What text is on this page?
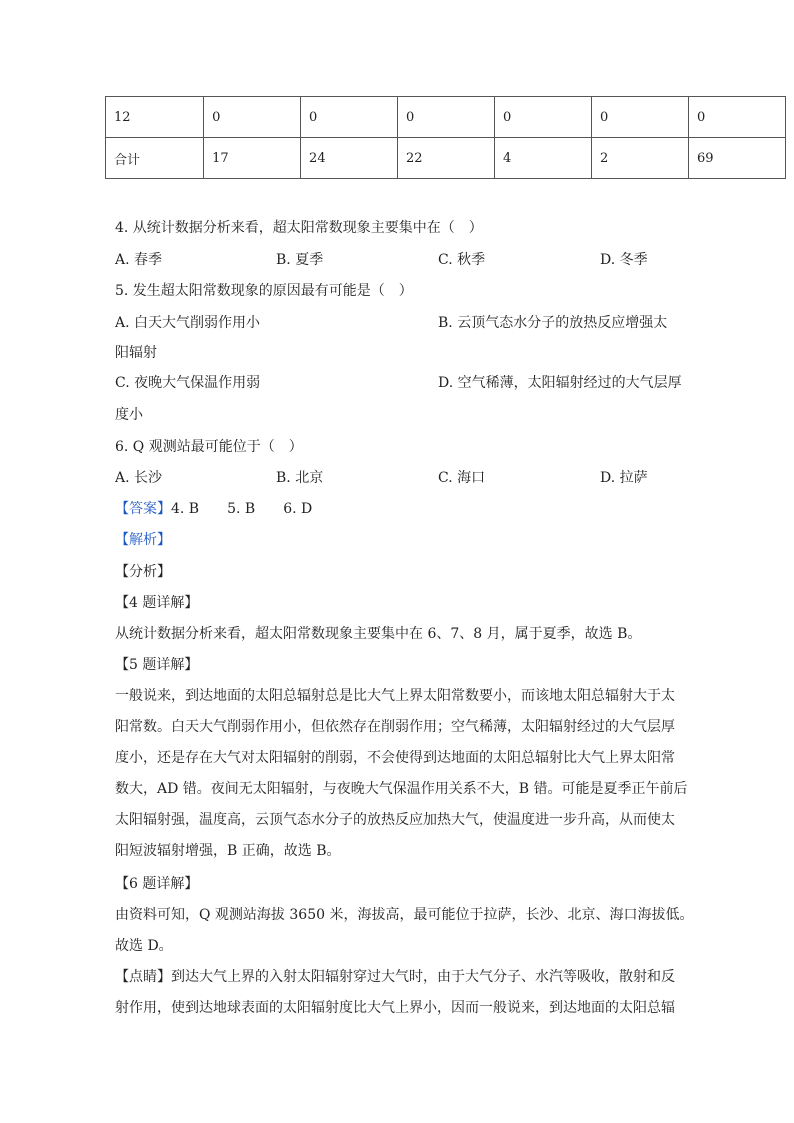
12	0	0	0	0	0	0
合计	17	24	22	4	2	69
4. 从统计数据分析来看，超太阳常数现象主要集中在（　）
A. 春季	B. 夏季	C. 秋季	D. 冬季
5. 发生超太阳常数现象的原因最有可能是（　）
A. 白天大气削弱作用小	B. 云顶气态水分子的放热反应增强太
阳辐射
C. 夜晚大气保温作用弱	D. 空气稀薄，太阳辐射经过的大气层厚
度小
6. Q 观测站最可能位于（　）
A. 长沙	B. 北京	C. 海口	D. 拉萨
【答案】4. B　　5. B　　6. D
【解析】
【分析】
【4 题详解】
从统计数据分析来看，超太阳常数现象主要集中在 6、7、8 月，属于夏季，故选 B。
【5 题详解】
一般说来，到达地面的太阳总辐射总是比大气上界太阳常数要小，而该地太阳总辐射大于太
阳常数。白天大气削弱作用小，但依然存在削弱作用；空气稀薄，太阳辐射经过的大气层厚
度小，还是存在大气对太阳辐射的削弱，不会使得到达地面的太阳总辐射比大气上界太阳常
数大，AD 错。夜间无太阳辐射，与夜晚大气保温作用关系不大，B 错。可能是夏季正午前后
太阳辐射强，温度高，云顶气态水分子的放热反应加热大气，使温度进一步升高，从而使太
阳短波辐射增强，B 正确，故选 B。
【6 题详解】
由资料可知，Q 观测站海拔 3650 米，海拔高，最可能位于拉萨，长沙、北京、海口海拔低。
故选 D。
【点睛】到达大气上界的入射太阳辐射穿过大气时，由于大气分子、水汽等吸收，散射和反
射作用，使到达地球表面的太阳辐射度比大气上界小，因而一般说来，到达地面的太阳总辐
